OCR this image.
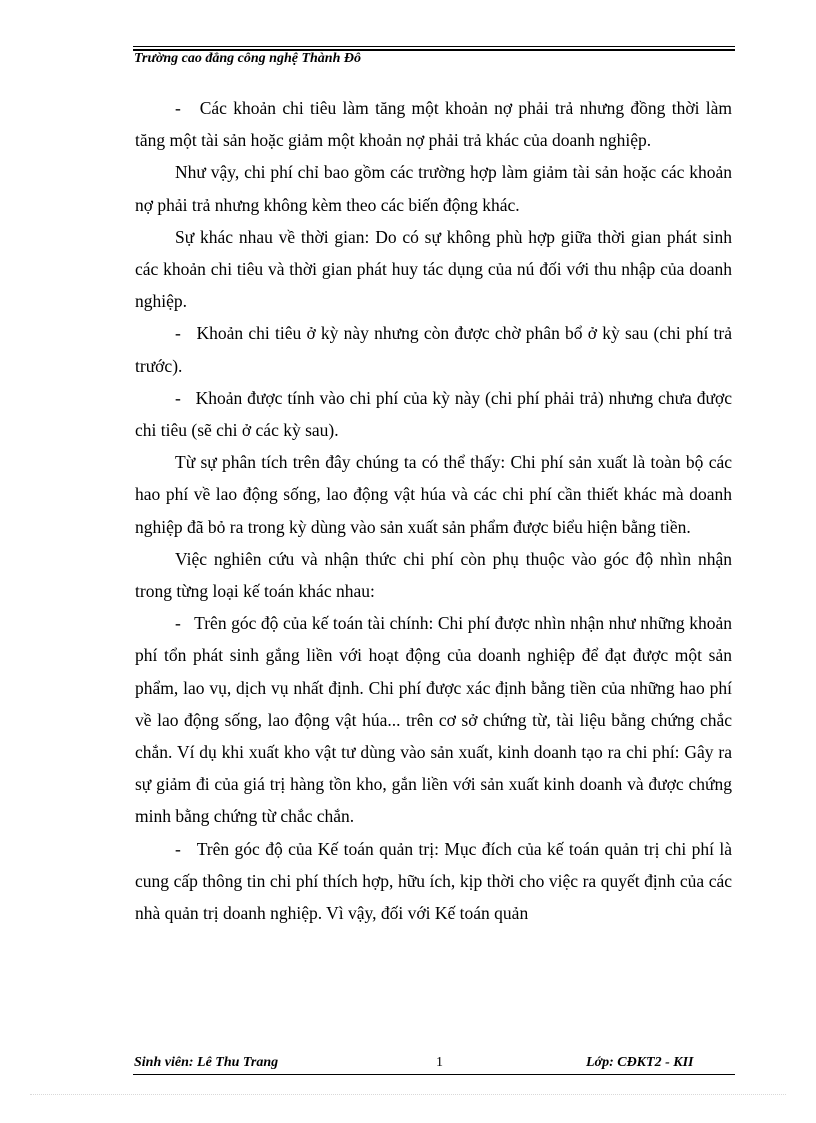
Trường cao đẳng công nghệ Thành Đô

-   Các khoản chi tiêu làm tăng một khoản nợ phải trả nhưng đồng thời làm tăng một tài sản hoặc giảm một khoản nợ phải trả khác của doanh nghiệp.

Như vậy, chi phí chỉ bao gồm các trường hợp làm giảm tài sản hoặc các khoản nợ phải trả nhưng không kèm theo các biến động khác.

Sự khác nhau về thời gian: Do có sự không phù hợp giữa thời gian phát sinh các khoản chi tiêu và thời gian phát huy tác dụng của nú đối với thu nhập của doanh nghiệp.

-   Khoản chi tiêu ở kỳ này nhưng còn được chờ phân bổ ở kỳ sau (chi phí trả trước).

-   Khoản được tính vào chi phí của kỳ này (chi phí phải trả) nhưng chưa được chi tiêu (sẽ chi ở các kỳ sau).

Từ sự phân tích trên đây chúng ta có thể thấy: Chi phí sản xuất là toàn bộ các hao phí về lao động sống, lao động vật húa và các chi phí cần thiết khác mà doanh nghiệp đã bỏ ra trong kỳ dùng vào sản xuất sản phẩm được biểu hiện bằng tiền.

Việc nghiên cứu và nhận thức chi phí còn phụ thuộc vào góc độ nhìn nhận trong từng loại kế toán khác nhau:

-   Trên góc độ của kế toán tài chính: Chi phí được nhìn nhận như những khoản phí tổn phát sinh gắng liền với hoạt động của doanh nghiệp để đạt được một sản phẩm, lao vụ, dịch vụ nhất định. Chi phí được xác định bằng tiền của những hao phí về lao động sống, lao động vật húa... trên cơ sở chứng từ, tài liệu bằng chứng chắc chắn. Ví dụ khi xuất kho vật tư dùng vào sản xuất, kinh doanh tạo ra chi phí: Gây ra sự giảm đi của giá trị hàng tồn kho, gắn liền với sản xuất kinh doanh và được chứng minh bằng chứng từ chắc chắn.

-   Trên góc độ của Kế toán quản trị: Mục đích của kế toán quản trị chi phí là cung cấp thông tin chi phí thích hợp, hữu ích, kịp thời cho việc ra quyết định của các nhà quản trị doanh nghiệp. Vì vậy, đối với Kế toán quản

Sinh viên: Lê Thu Trang	1	Lớp: CĐKT2 - KII
